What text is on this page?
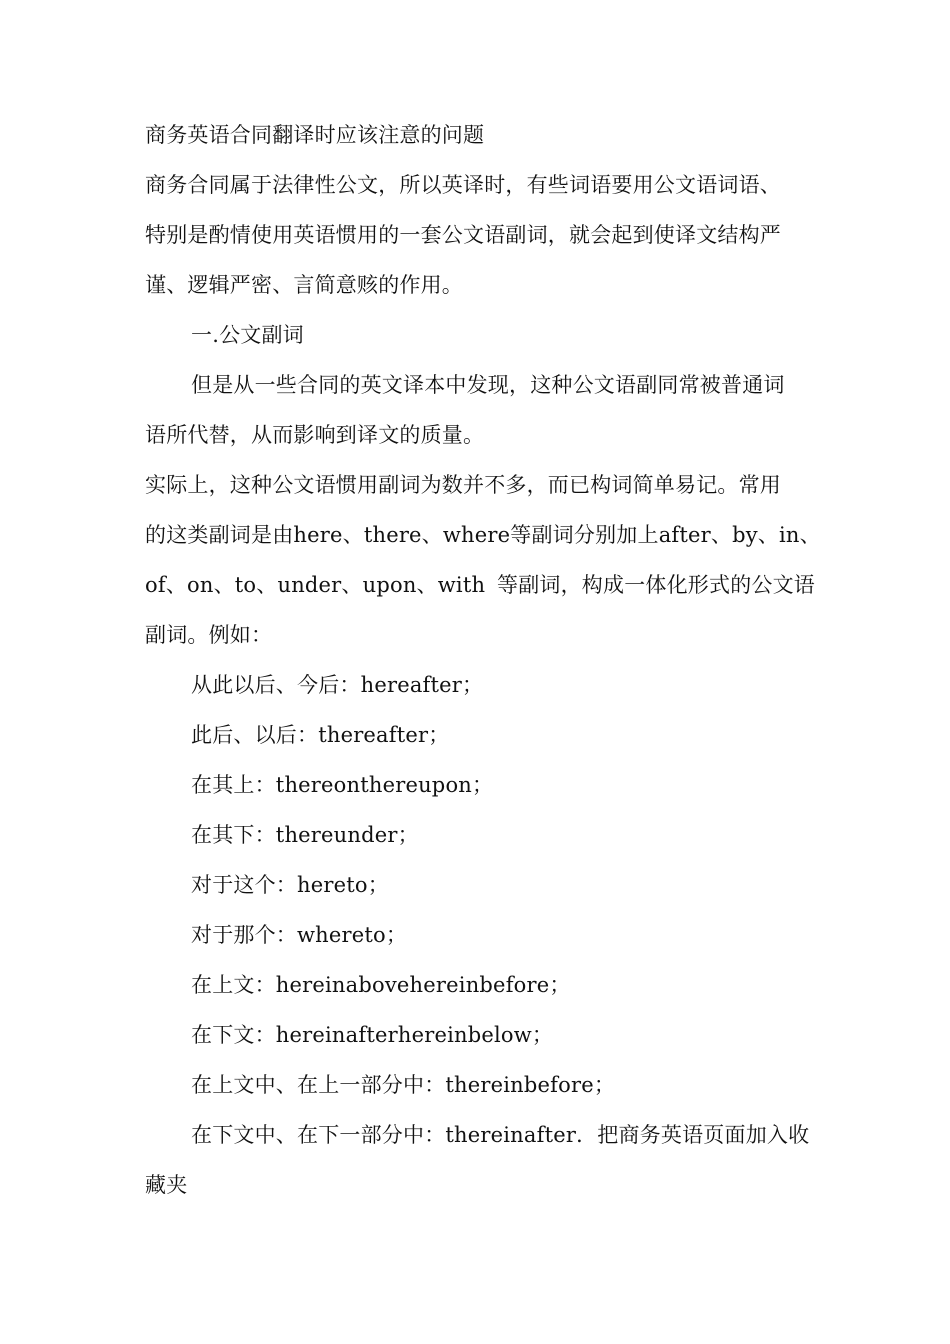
商务英语合同翻译时应该注意的问题
商务合同属于法律性公文，所以英译时，有些词语要用公文语词语、
特别是酌情使用英语惯用的一套公文语副词，就会起到使译文结构严
谨、逻辑严密、言简意赅的作用。
一.公文副词
但是从一些合同的英文译本中发现，这种公文语副同常被普通词
语所代替，从而影响到译文的质量。
实际上，这种公文语惯用副词为数并不多，而已构词简单易记。常用
的这类副词是由 here、there、where 等副词分别加上 after、by、in、
of、on、to、under、upon、with 等副词，构成一体化形式的公文语
副词。例如：
从此以后、今后：hereafter；
此后、以后：thereafter；
在其上：thereonthereupon；
在其下：thereunder；
对于这个：hereto；
对于那个：whereto；
在上文：hereinabovehereinbefore；
在下文：hereinafterhereinbelow；
在上文中、在上一部分中：thereinbefore；
在下文中、在下一部分中：thereinafter．把商务英语页面加入收
藏夹
